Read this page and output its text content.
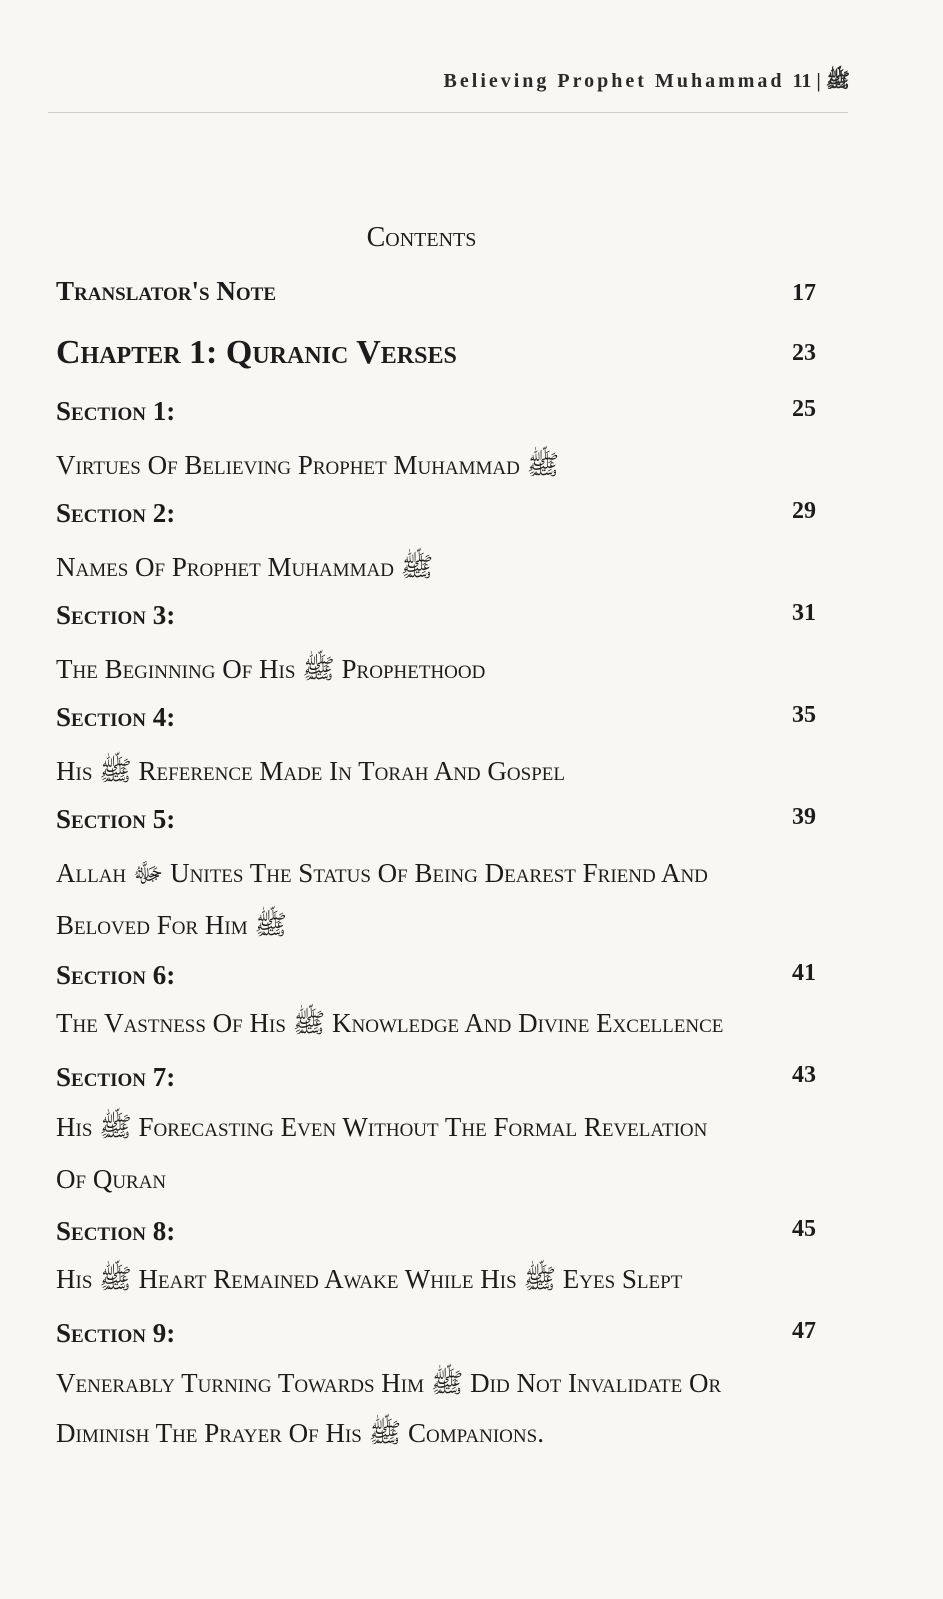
Believing Prophet Muhammad ﷺ | 11
Contents
Translator's Note	17
Chapter 1: Quranic Verses	23
Section 1:	25
Virtues Of Believing Prophet Muhammad ﷺ
Section 2:	29
Names Of Prophet Muhammad ﷺ
Section 3:	31
The Beginning Of His ﷺ Prophethood
Section 4:	35
His ﷺ Reference Made In Torah And Gospel
Section 5:	39
Allah ﷻ Unites The Status Of Being Dearest Friend And
Beloved For Him ﷺ
Section 6:	41
The Vastness Of His ﷺ Knowledge And Divine Excellence
Section 7:	43
His ﷺ Forecasting Even Without The Formal Revelation
Of Quran
Section 8:	45
His ﷺ Heart Remained Awake While His ﷺ Eyes Slept
Section 9:	47
Venerably Turning Towards Him ﷺ Did Not Invalidate Or
Diminish The Prayer Of His ﷺ Companions.
